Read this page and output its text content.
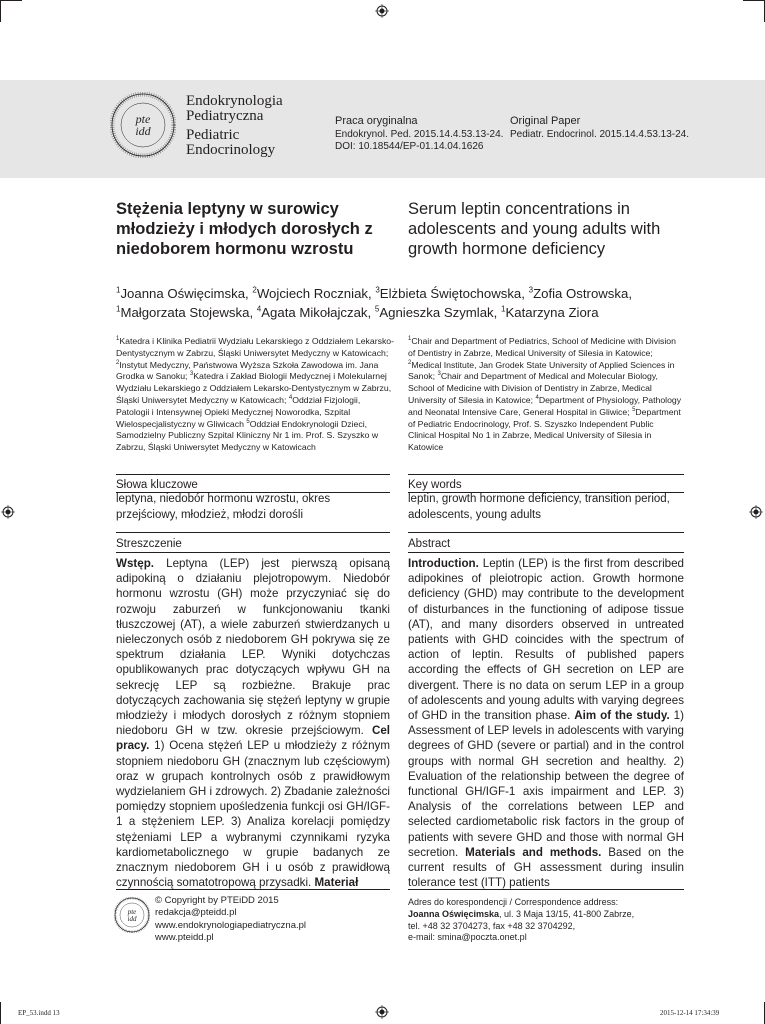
pte
idd
Endokrynologia
Pediatryczna
Pediatric
Endocrinology
Praca oryginalna
Endokrynol. Ped. 2015.14.4.53.13-24.
DOI: 10.18544/EP-01.14.04.1626
Original Paper
Pediatr. Endocrinol. 2015.14.4.53.13-24.
Stężenia leptyny w surowicy młodzieży i młodych dorosłych z niedoborem hormonu wzrostu
Serum leptin concentrations in adolescents and young adults with growth hormone deficiency
$^1$Joanna Oświęcimska, $^2$Wojciech Roczniak, $^3$Elżbieta Świętochowska, $^3$Zofia Ostrowska, $^1$Małgorzata Stojewska, $^4$Agata Mikołajczak, $^5$Agnieszka Szymlak, $^1$Katarzyna Ziora
$^1$Katedra i Klinika Pediatrii Wydziału Lekarskiego z Oddziałem Lekarsko-Dentystycznym w Zabrzu, Śląski Uniwersytet Medyczny w Katowicach; $^2$Instytut Medyczny, Państwowa Wyższa Szkoła Zawodowa im. Jana Grodka w Sanoku; $^3$Katedra i Zakład Biologii Medycznej i Molekularnej Wydziału Lekarskiego z Oddziałem Lekarsko-Dentystycznym w Zabrzu, Śląski Uniwersytet Medyczny w Katowicach; $^4$Oddział Fizjologii, Patologii i Intensywnej Opieki Medycznej Noworodka, Szpital Wielospecjalistyczny w Gliwicach $^5$Oddział Endokrynologii Dzieci, Samodzielny Publiczny Szpital Kliniczny Nr 1 im. Prof. S. Szyszko w Zabrzu, Śląski Uniwersytet Medyczny w Katowicach
$^1$Chair and Department of Pediatrics, School of Medicine with Division of Dentistry in Zabrze, Medical University of Silesia in Katowice; $^2$Medical Institute, Jan Grodek State University of Applied Sciences in Sanok; $^3$Chair and Department of Medical and Molecular Biology, School of Medicine with Division of Dentistry in Zabrze, Medical University of Silesia in Katowice; $^4$Department of Physiology, Pathology and Neonatal Intensive Care, General Hospital in Gliwice; $^5$Department of Pediatric Endocrinology, Prof. S. Szyszko Independent Public Clinical Hospital No 1 in Zabrze, Medical University of Silesia in Katowice
Słowa kluczowe	Key words
leptyna, niedobór hormonu wzrostu, okres przejściowy, młodzież, młodzi dorośli
leptin, growth hormone deficiency, transition period, adolescents, young adults
Streszczenie	Abstract
Wstęp. Leptyna (LEP) jest pierwszą opisaną adipokiną o działaniu plejotropowym. Niedobór hormonu wzrostu (GH) może przyczyniać się do rozwoju zaburzeń w funkcjonowaniu tkanki tłuszczowej (AT), a wiele zaburzeń stwierdzanych u nieleczonych osób z niedoborem GH pokrywa się ze spektrum działania LEP. Wyniki dotychczas opublikowanych prac dotyczących wpływu GH na sekrecję LEP są rozbieżne. Brakuje prac dotyczących zachowania się stężeń leptyny w grupie młodzieży i młodych dorosłych z różnym stopniem niedoboru GH w tzw. okresie przejściowym. Cel pracy. 1) Ocena stężeń LEP u młodzieży z różnym stopniem niedoboru GH (znacznym lub częściowym) oraz w grupach kontrolnych osób z prawidłowym wydzielaniem GH i zdrowych. 2) Zbadanie zależności pomiędzy stopniem upośledzenia funkcji osi GH/IGF-1 a stężeniem LEP. 3) Analiza korelacji pomiędzy stężeniami LEP a wybranymi czynnikami ryzyka kardiometabolicznego w grupie badanych ze znacznym niedoborem GH i u osób z prawidłową czynnością somatotropową przysadki. Materiał
Introduction. Leptin (LEP) is the first from described adipokines of pleiotropic action. Growth hormone deficiency (GHD) may contribute to the development of disturbances in the functioning of adipose tissue (AT), and many disorders observed in untreated patients with GHD coincides with the spectrum of action of leptin. Results of published papers according the effects of GH secretion on LEP are divergent. There is no data on serum LEP in a group of adolescents and young adults with varying degrees of GHD in the transition phase. Aim of the study. 1) Assessment of LEP levels in adolescents with varying degrees of GHD (severe or partial) and in the control groups with normal GH secretion and healthy. 2) Evaluation of the relationship between the degree of functional GH/IGF-1 axis impairment and LEP. 3) Analysis of the correlations between LEP and selected cardiometabolic risk factors in the group of patients with severe GHD and those with normal GH secretion. Materials and methods. Based on the current results of GH assessment during insulin tolerance test (ITT) patients
pte
idd
© Copyright by PTEiDD 2015
redakcja@pteidd.pl
www.endokrynologiapediatryczna.pl
www.pteidd.pl
Adres do korespondencji / Correspondence address:
Joanna Oświęcimska, ul. 3 Maja 13/15, 41-800 Zabrze,
tel. +48 32 3704273, fax +48 32 3704292,
e-mail: smina@poczta.onet.pl
EP_53.indd 13	2015-12-14 17:34:39
